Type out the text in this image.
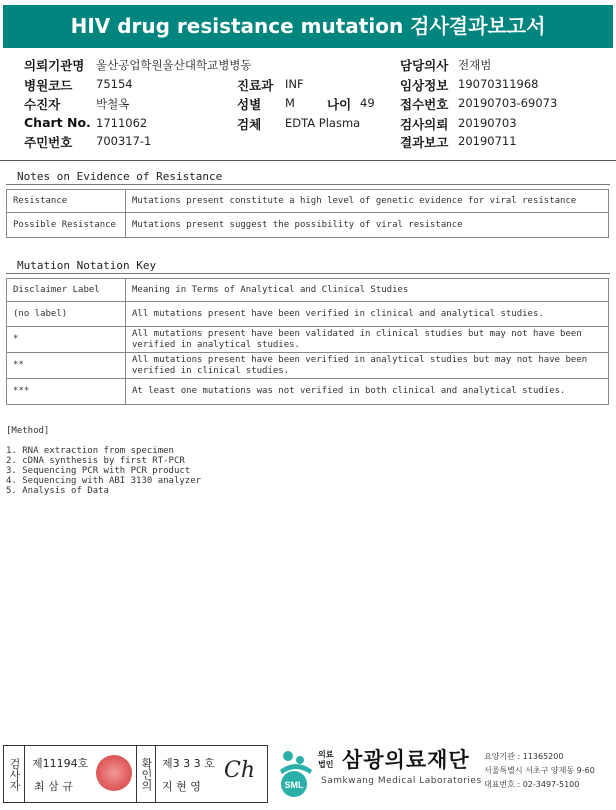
HIV drug resistance mutation 검사결과보고서
의뢰기관명 울산공업학원울산대학교병병동
병원코드 75154
수진자	박철옥
Chart No. 1711062
주민번호 700317-1
진료과 INF
성별 M	나이 49
검체 EDTA Plasma
담당의사 전재범
임상정보 19070311968
접수번호 20190703-69073
검사의뢰 20190703
결과보고 20190711
Notes on Evidence of Resistance
Resistance	Mutations present constitute a high level of genetic evidence for viral resistance
Possible Resistance	Mutations present suggest the possibility of viral resistance
Mutation Notation Key
Disclaimer Label	Meaning in Terms of Analytical and Clinical Studies
(no label)	All mutations present have been verified in clinical and analytical studies.
*	All mutations present have been validated in clinical studies but may not have been verified in analytical studies.
**	All mutations present have been verified in analytical studies but may not have been verified in clinical studies.
***	At least one mutations was not verified in both clinical and analytical studies.
[Method]
1. RNA extraction from specimen
2. cDNA synthesis by first RT-PCR
3. Sequencing PCR with PCR product
4. Sequencing with ABI 3130 analyzer
5. Analysis of Data
검사자 제11194호
최 삼 규	확인의 제3 3 3 호
지 현 영
Ch
SML
의료
법인 삼광의료재단
Samkwang Medical Laboratories
요양기관 : 11365200
서울특별시 서초구 양재동 9-60
대표번호 : 02-3497-5100
